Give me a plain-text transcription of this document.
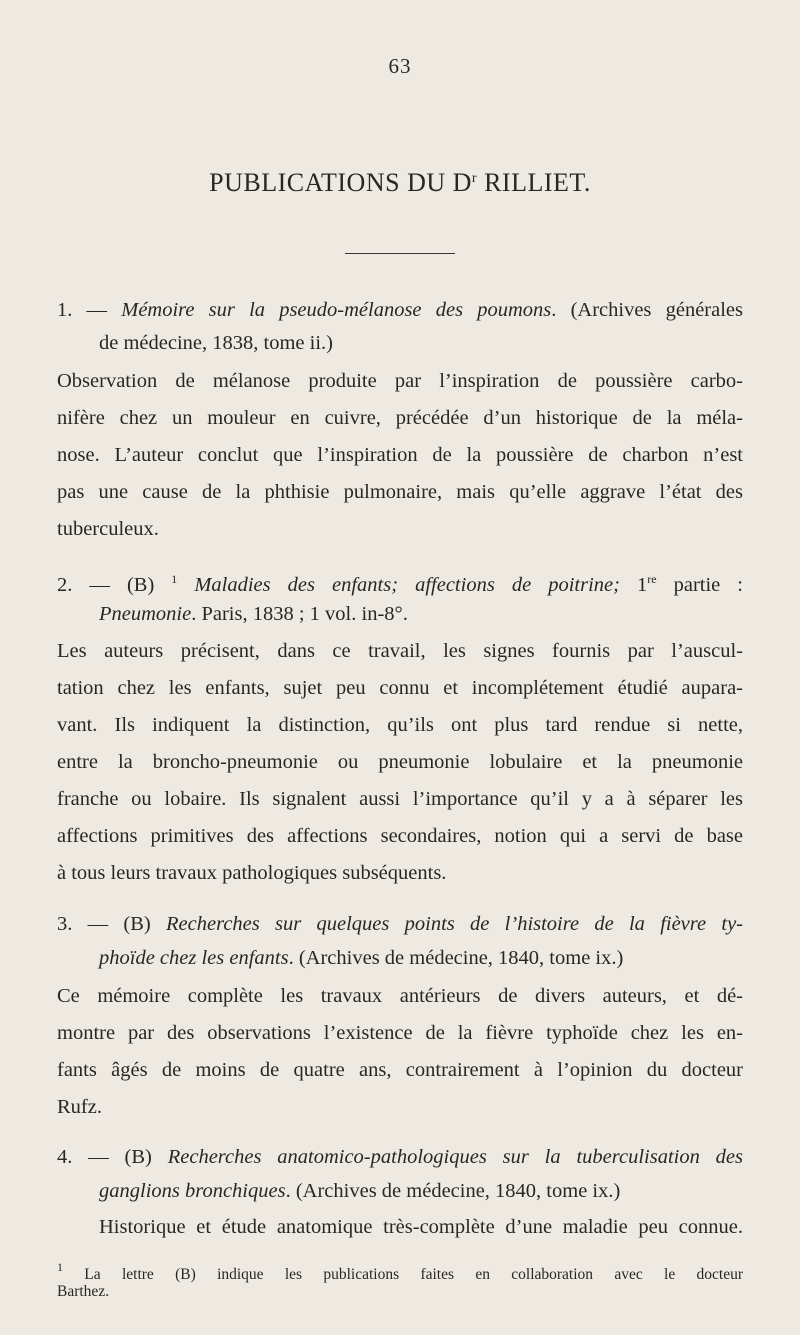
63
PUBLICATIONS DU $D^r$ RILLIET.
1. — Mémoire sur la pseudo-mélanose des poumons. (Archives générales
de médecine, 1838, tome ii.)
Observation de mélanose produite par l’inspiration de poussière carbo-
nifère chez un mouleur en cuivre, précédée d’un historique de la méla-
nose. L’auteur conclut que l’inspiration de la poussière de charbon n’est
pas une cause de la phthisie pulmonaire, mais qu’elle aggrave l’état des
tuberculeux.
2. — (B) $^1$ Maladies des enfants; affections de poitrine; 1re partie :
Pneumonie. Paris, 1838 ; 1 vol. in-8°.
Les auteurs précisent, dans ce travail, les signes fournis par l’auscul-
tation chez les enfants, sujet peu connu et incomplétement étudié aupara-
vant. Ils indiquent la distinction, qu’ils ont plus tard rendue si nette,
entre la broncho-pneumonie ou pneumonie lobulaire et la pneumonie
franche ou lobaire. Ils signalent aussi l’importance qu’il y a à séparer les
affections primitives des affections secondaires, notion qui a servi de base
à tous leurs travaux pathologiques subséquents.
3. — (B) Recherches sur quelques points de l’histoire de la fièvre ty-
phoïde chez les enfants. (Archives de médecine, 1840, tome ix.)
Ce mémoire complète les travaux antérieurs de divers auteurs, et dé-
montre par des observations l’existence de la fièvre typhoïde chez les en-
fants âgés de moins de quatre ans, contrairement à l’opinion du docteur
Rufz.
4. — (B) Recherches anatomico-pathologiques sur la tuberculisation des
ganglions bronchiques. (Archives de médecine, 1840, tome ix.)
Historique et étude anatomique très-complète d’une maladie peu connue.
$^1$ La lettre (B) indique les publications faites en collaboration avec le docteur
Barthez.
